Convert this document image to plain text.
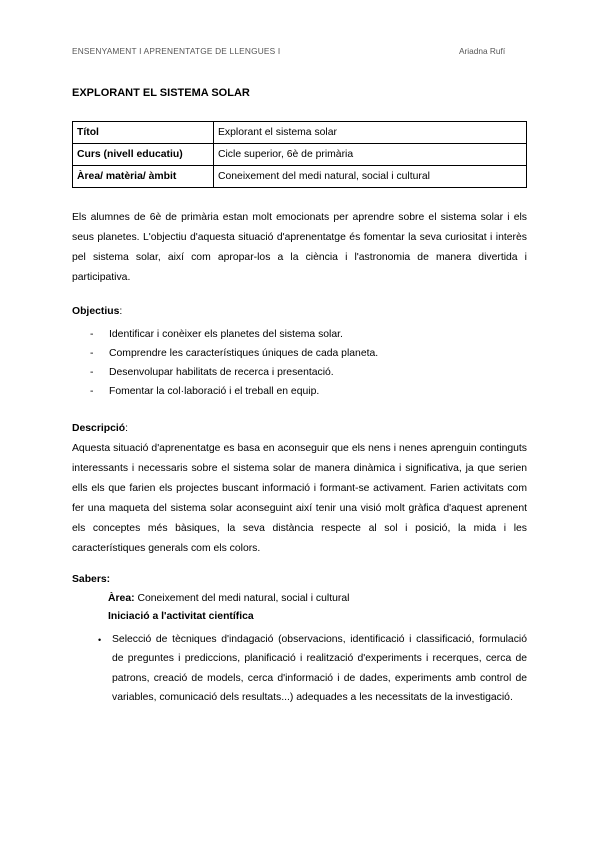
ENSENYAMENT I APRENENTATGE DE LLENGUES I	Ariadna Rufí
EXPLORANT EL SISTEMA SOLAR
Títol	Explorant el sistema solar
Curs (nivell educatiu)	Cicle superior, 6è de primària
Àrea/ matèria/ àmbit	Coneixement del medi natural, social i cultural
Els alumnes de 6è de primària estan molt emocionats per aprendre sobre el sistema solar i els seus planetes. L'objectiu d'aquesta situació d'aprenentatge és fomentar la seva curiositat i interès pel sistema solar, així com apropar-los a la ciència i l'astronomia de manera divertida i participativa.
Objectius:
- Identificar i conèixer els planetes del sistema solar.
- Comprendre les característiques úniques de cada planeta.
- Desenvolupar habilitats de recerca i presentació.
- Fomentar la col·laboració i el treball en equip.
Descripció:
Aquesta situació d'aprenentatge es basa en aconseguir que els nens i nenes aprenguin continguts interessants i necessaris sobre el sistema solar de manera dinàmica i significativa, ja que serien ells els que farien els projectes buscant informació i formant-se activament. Farien activitats com fer una maqueta del sistema solar aconseguint així tenir una visió molt gràfica d'aquest aprenent els conceptes més bàsiques, la seva distància respecte al sol i posició, la mida i les característiques generals com els colors.
Sabers:
Àrea: Coneixement del medi natural, social i cultural
Iniciació a l'activitat científica
• Selecció de tècniques d'indagació (observacions, identificació i classificació, formulació de preguntes i prediccions, planificació i realització d'experiments i recerques, cerca de patrons, creació de models, cerca d'informació i de dades, experiments amb control de variables, comunicació dels resultats...) adequades a les necessitats de la investigació.
